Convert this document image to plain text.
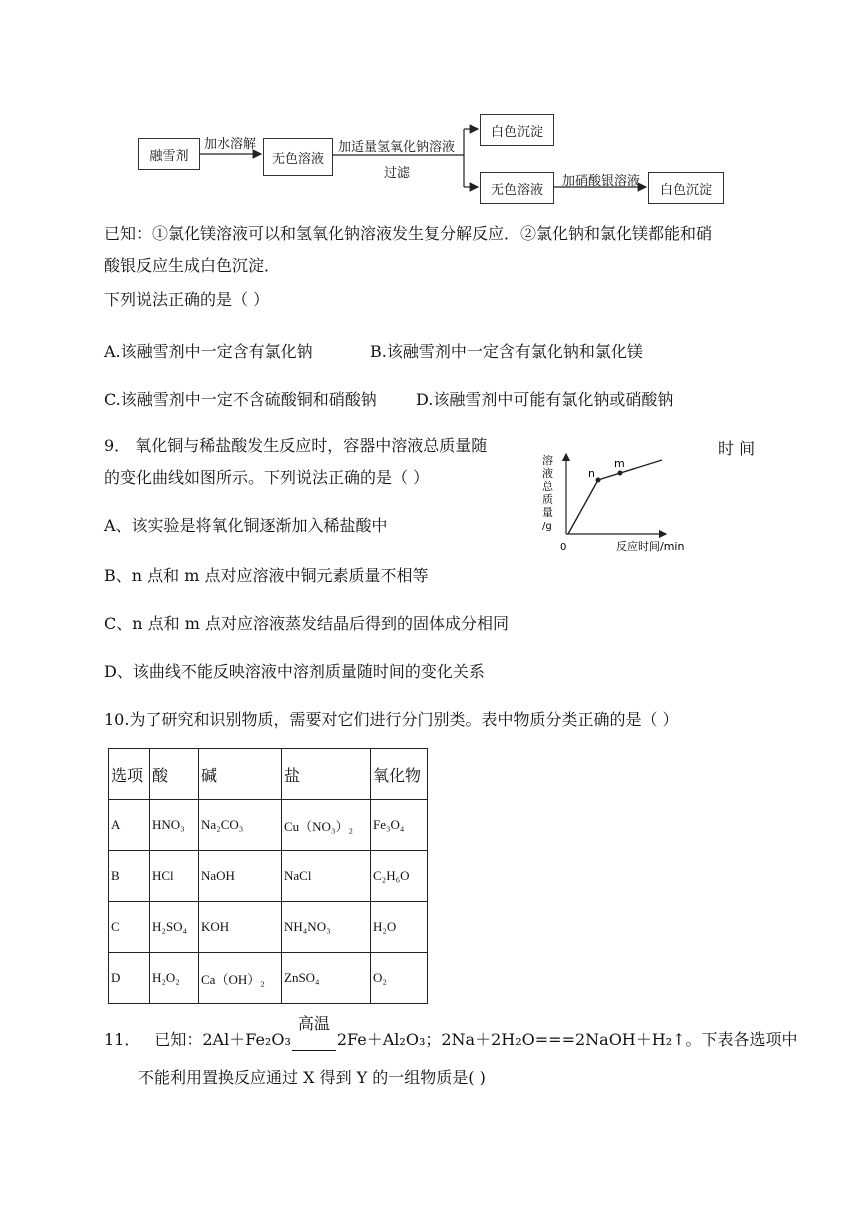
融雪剂
加水溶解
无色溶液
加适量氢氧化钠溶液
过滤
白色沉淀
无色溶液
加硝酸银溶液
白色沉淀
已知：①氯化镁溶液可以和氢氧化钠溶液发生复分解反应．②氯化钠和氯化镁都能和硝
酸银反应生成白色沉淀．
下列说法正确的是（ ）
A.该融雪剂中一定含有氯化钠	B.该融雪剂中一定含有氯化钠和氯化镁
C.该融雪剂中一定不含硫酸铜和硝酸钠 D.该融雪剂中可能有氯化钠或硝酸钠
9． 氧化铜与稀盐酸发生反应时，容器中溶液总质量随	时 间
的变化曲线如图所示。下列说法正确的是（ ）
A、该实验是将氧化铜逐渐加入稀盐酸中
B、n 点和 m 点对应溶液中铜元素质量不相等
C、n 点和 m 点对应溶液蒸发结晶后得到的固体成分相同
D、该曲线不能反映溶液中溶剂质量随时间的变化关系
n
m
溶
液
总
质
量
/g
0	反应时间/min
10.为了研究和识别物质，需要对它们进行分门别类。表中物质分类正确的是（ ）
选项	酸	碱	盐	氧化物
A	HNO₃	Na₂CO₃	Cu（NO₃）₂	Fe₃O₄
B	HCl	NaOH	NaCl	C₂H₆O
C	H₂SO₄	KOH	NH₄NO₃	H₂O
D	H₂O₂	Ca（OH）₂	ZnSO₄	O₂
11． 已知：2Al＋Fe₂O₃
高温
2Fe＋Al₂O₃；2Na＋2H₂O===2NaOH＋H₂↑。下表各选项中
不能利用置换反应通过 X 得到 Y 的一组物质是( )
